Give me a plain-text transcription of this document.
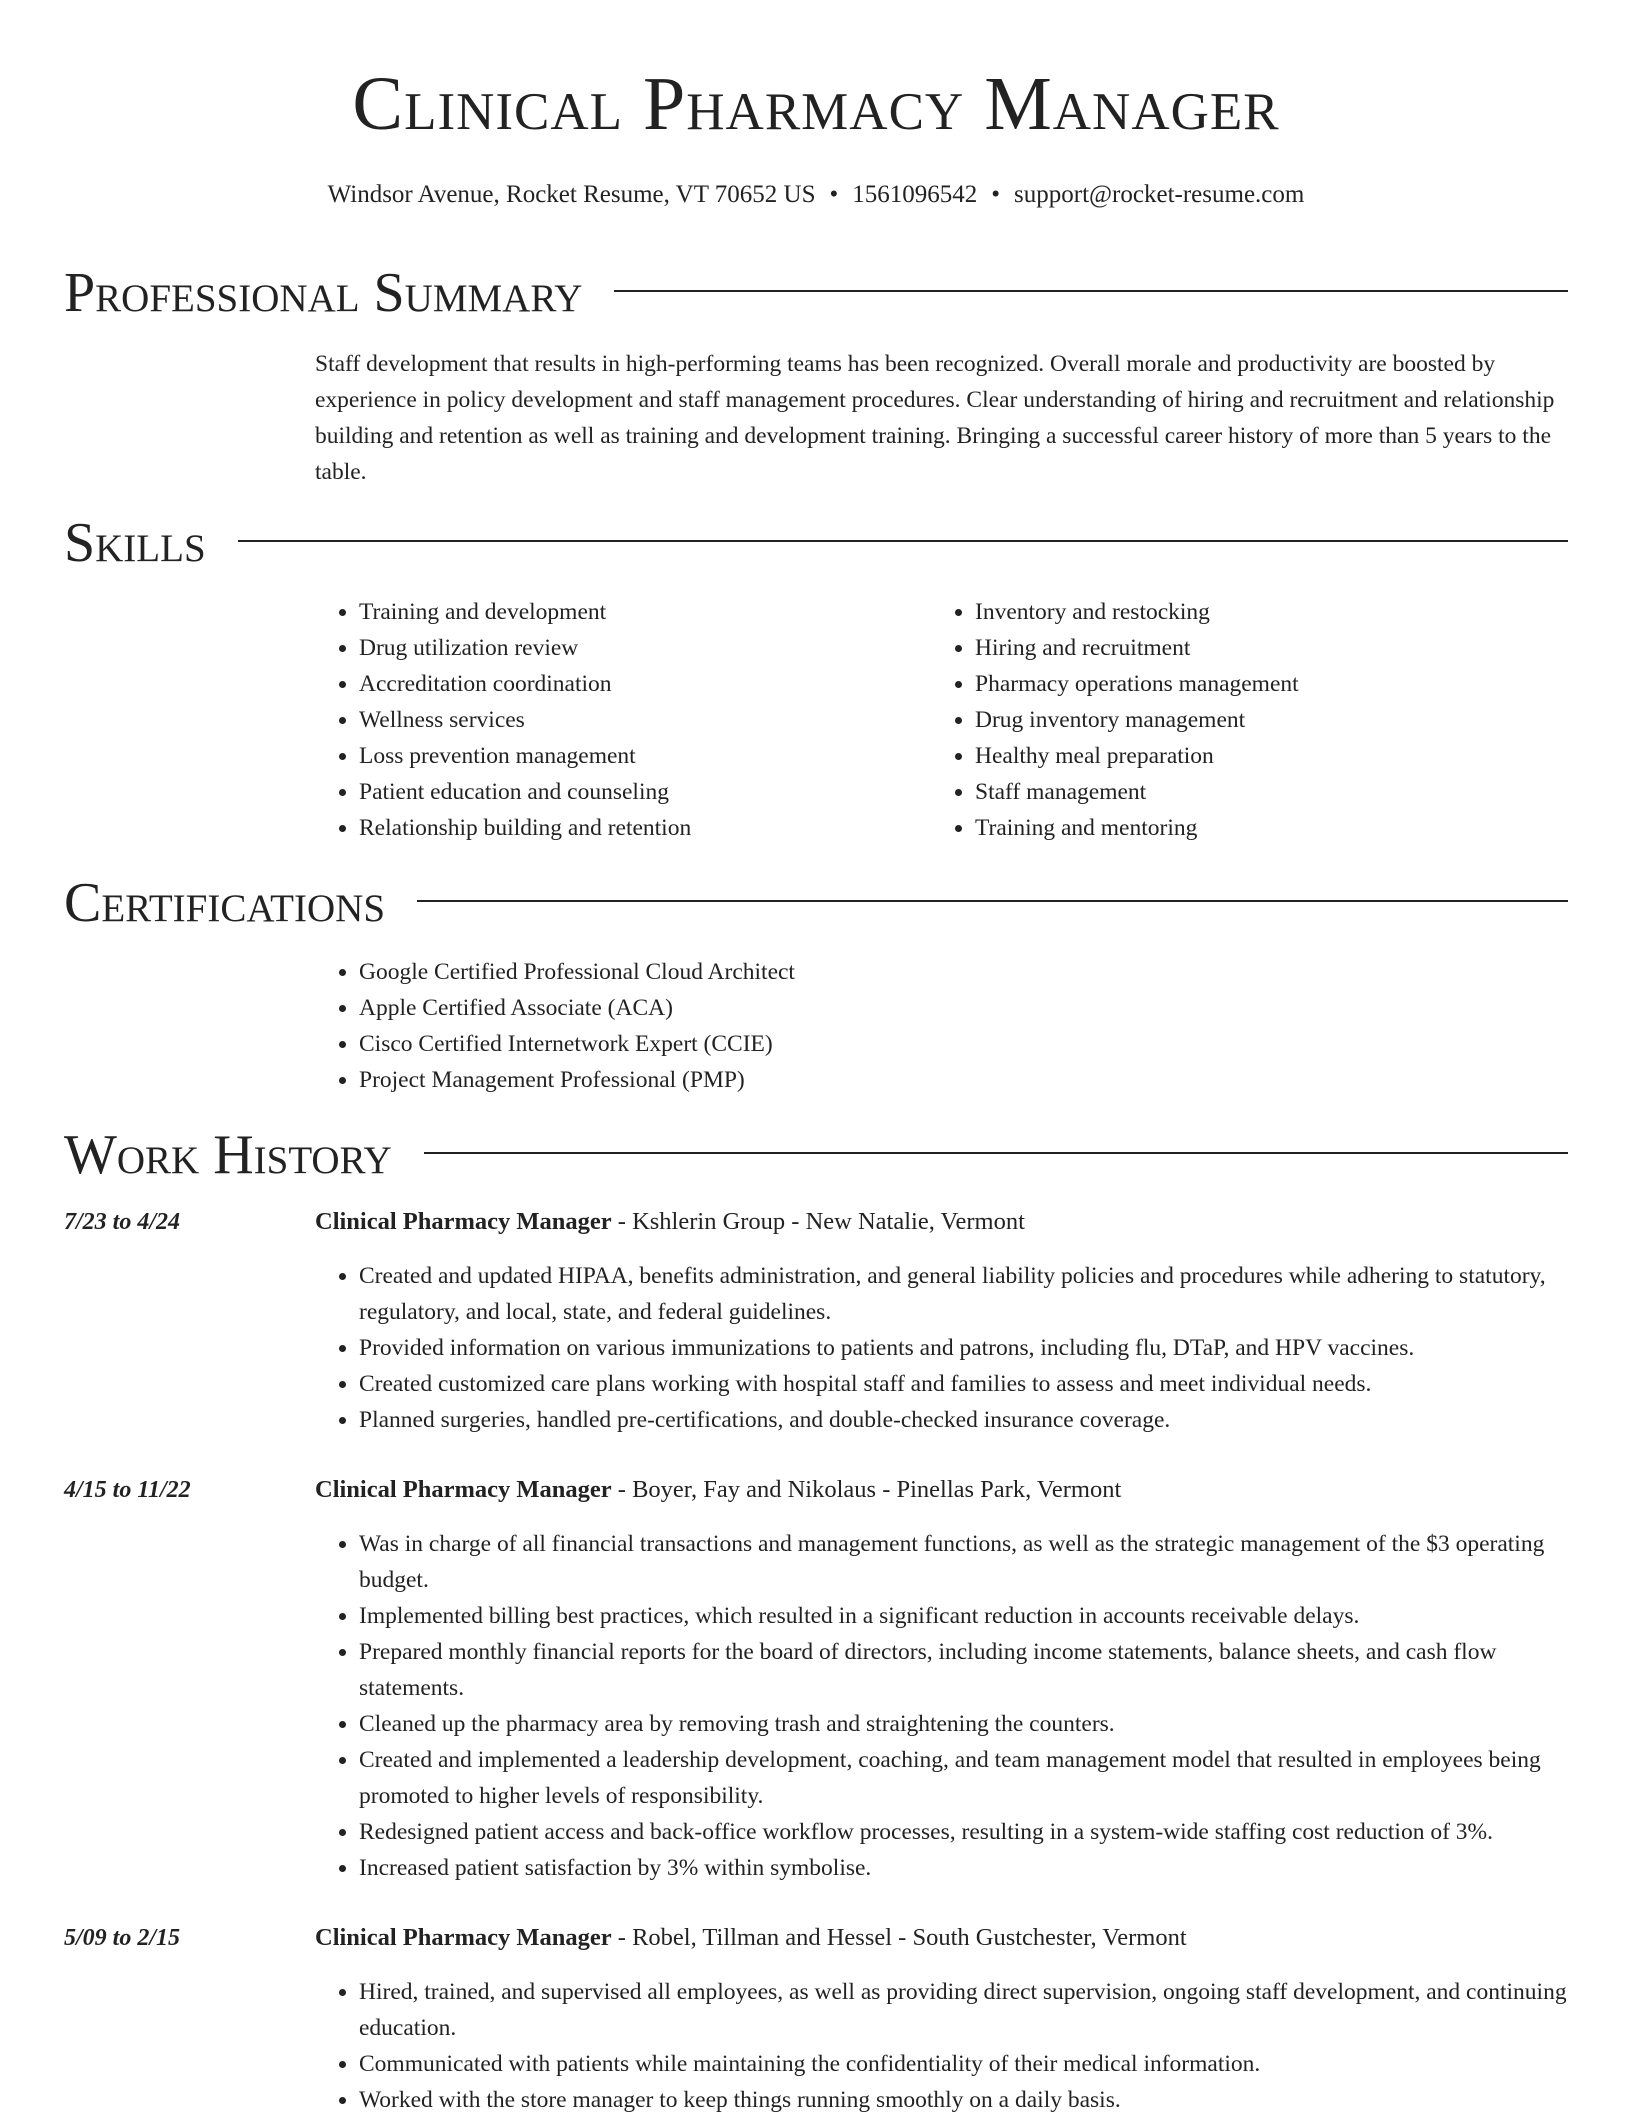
Clinical Pharmacy Manager
Windsor Avenue, Rocket Resume, VT 70652 US • 1561096542 • support@rocket-resume.com
Professional Summary

Staff development that results in high-performing teams has been recognized. Overall morale and productivity are boosted by experience in policy development and staff management procedures. Clear understanding of hiring and recruitment and relationship building and retention as well as training and development training. Bringing a successful career history of more than 5 years to the table.

Skills
• Training and development
• Drug utilization review
• Accreditation coordination
• Wellness services
• Loss prevention management
• Patient education and counseling
• Relationship building and retention
• Inventory and restocking
• Hiring and recruitment
• Pharmacy operations management
• Drug inventory management
• Healthy meal preparation
• Staff management
• Training and mentoring
Certifications
• Google Certified Professional Cloud Architect
• Apple Certified Associate (ACA)
• Cisco Certified Internetwork Expert (CCIE)
• Project Management Professional (PMP)
Work History
7/23 to 4/24	Clinical Pharmacy Manager - Kshlerin Group - New Natalie, Vermont
• Created and updated HIPAA, benefits administration, and general liability policies and procedures while adhering to statutory, regulatory, and local, state, and federal guidelines.
• Provided information on various immunizations to patients and patrons, including flu, DTaP, and HPV vaccines.
• Created customized care plans working with hospital staff and families to assess and meet individual needs.
• Planned surgeries, handled pre-certifications, and double-checked insurance coverage.
4/15 to 11/22	Clinical Pharmacy Manager - Boyer, Fay and Nikolaus - Pinellas Park, Vermont
• Was in charge of all financial transactions and management functions, as well as the strategic management of the $3 operating budget.
• Implemented billing best practices, which resulted in a significant reduction in accounts receivable delays.
• Prepared monthly financial reports for the board of directors, including income statements, balance sheets, and cash flow statements.
• Cleaned up the pharmacy area by removing trash and straightening the counters.
• Created and implemented a leadership development, coaching, and team management model that resulted in employees being promoted to higher levels of responsibility.
• Redesigned patient access and back-office workflow processes, resulting in a system-wide staffing cost reduction of 3%.
• Increased patient satisfaction by 3% within symbolise.
5/09 to 2/15	Clinical Pharmacy Manager - Robel, Tillman and Hessel - South Gustchester, Vermont
• Hired, trained, and supervised all employees, as well as providing direct supervision, ongoing staff development, and continuing education.
• Communicated with patients while maintaining the confidentiality of their medical information.
• Worked with the store manager to keep things running smoothly on a daily basis.
